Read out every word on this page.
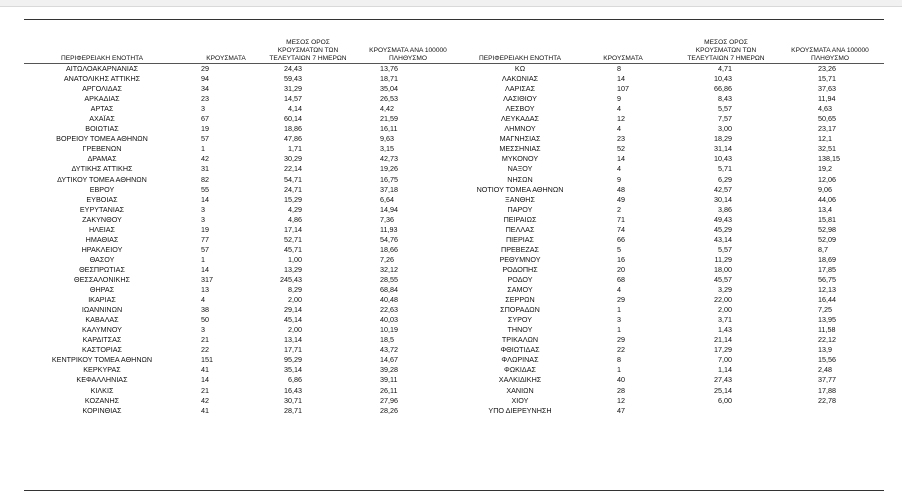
ΠΕΡΙΦΕΡΕΙΑΚΗ ΕΝΟΤΗΤΑ	ΚΡΟΥΣΜΑΤΑ
ΜΕΣΟΣ ΟΡΟΣ
ΚΡΟΥΣΜΑΤΩΝ ΤΩΝ
ΤΕΛΕΥΤΑΙΩΝ 7 ΗΜΕΡΩΝ
ΚΡΟΥΣΜΑΤΑ ΑΝΑ 100000
ΠΛΗΘΥΣΜΟ
ΑΙΤΩΛΟΑΚΑΡΝΑΝΙΑΣ	29	24,43	13,76
ΑΝΑΤΟΛΙΚΗΣ ΑΤΤΙΚΗΣ	94	59,43	18,71
ΑΡΓΟΛΙΔΑΣ	34	31,29	35,04
ΑΡΚΑΔΙΑΣ	23	14,57	26,53
ΑΡΤΑΣ	3	4,14	4,42
ΑΧΑΪΑΣ	67	60,14	21,59
ΒΟΙΩΤΙΑΣ	19	18,86	16,11
ΒΟΡΕΙΟΥ ΤΟΜΕΑ ΑΘΗΝΩΝ	57	47,86	9,63
ΓΡΕΒΕΝΩΝ	1	1,71	3,15
ΔΡΑΜΑΣ	42	30,29	42,73
ΔΥΤΙΚΗΣ ΑΤΤΙΚΗΣ	31	22,14	19,26
ΔΥΤΙΚΟΥ ΤΟΜΕΑ ΑΘΗΝΩΝ	82	54,71	16,75
ΕΒΡΟΥ	55	24,71	37,18
ΕΥΒΟΙΑΣ	14	15,29	6,64
ΕΥΡΥΤΑΝΙΑΣ	3	4,29	14,94
ΖΑΚΥΝΘΟΥ	3	4,86	7,36
ΗΛΕΙΑΣ	19	17,14	11,93
ΗΜΑΘΙΑΣ	77	52,71	54,76
ΗΡΑΚΛΕΙΟΥ	57	45,71	18,66
ΘΑΣΟΥ	1	1,00	7,26
ΘΕΣΠΡΩΤΙΑΣ	14	13,29	32,12
ΘΕΣΣΑΛΟΝΙΚΗΣ	317	245,43	28,55
ΘΗΡΑΣ	13	8,29	68,84
ΙΚΑΡΙΑΣ	4	2,00	40,48
ΙΩΑΝΝΙΝΩΝ	38	29,14	22,63
ΚΑΒΑΛΑΣ	50	45,14	40,03
ΚΑΛΥΜΝΟΥ	3	2,00	10,19
ΚΑΡΔΙΤΣΑΣ	21	13,14	18,5
ΚΑΣΤΟΡΙΑΣ	22	17,71	43,72
ΚΕΝΤΡΙΚΟΥ ΤΟΜΕΑ ΑΘΗΝΩΝ	151	95,29	14,67
ΚΕΡΚΥΡΑΣ	41	35,14	39,28
ΚΕΦΑΛΛΗΝΙΑΣ	14	6,86	39,11
ΚΙΛΚΙΣ	21	16,43	26,11
ΚΟΖΑΝΗΣ	42	30,71	27,96
ΚΟΡΙΝΘΙΑΣ	41	28,71	28,26
ΠΕΡΙΦΕΡΕΙΑΚΗ ΕΝΟΤΗΤΑ	ΚΡΟΥΣΜΑΤΑ
ΜΕΣΟΣ ΟΡΟΣ
ΚΡΟΥΣΜΑΤΩΝ ΤΩΝ
ΤΕΛΕΥΤΑΙΩΝ 7 ΗΜΕΡΩΝ
ΚΡΟΥΣΜΑΤΑ ΑΝΑ 100000
ΠΛΗΘΥΣΜΟ
ΚΩ	8	4,71	23,26
ΛΑΚΩΝΙΑΣ	14	10,43	15,71
ΛΑΡΙΣΑΣ	107	66,86	37,63
ΛΑΣΙΘΙΟΥ	9	8,43	11,94
ΛΕΣΒΟΥ	4	5,57	4,63
ΛΕΥΚΑΔΑΣ	12	7,57	50,65
ΛΗΜΝΟΥ	4	3,00	23,17
ΜΑΓΝΗΣΙΑΣ	23	18,29	12,1
ΜΕΣΣΗΝΙΑΣ	52	31,14	32,51
ΜΥΚΟΝΟΥ	14	10,43	138,15
ΝΑΞΟΥ	4	5,71	19,2
ΝΗΣΩΝ	9	6,29	12,06
ΝΟΤΙΟΥ ΤΟΜΕΑ ΑΘΗΝΩΝ	48	42,57	9,06
ΞΑΝΘΗΣ	49	30,14	44,06
ΠΑΡΟΥ	2	3,86	13,4
ΠΕΙΡΑΙΩΣ	71	49,43	15,81
ΠΕΛΛΑΣ	74	45,29	52,98
ΠΙΕΡΙΑΣ	66	43,14	52,09
ΠΡΕΒΕΖΑΣ	5	5,57	8,7
ΡΕΘΥΜΝΟΥ	16	11,29	18,69
ΡΟΔΟΠΗΣ	20	18,00	17,85
ΡΟΔΟΥ	68	45,57	56,75
ΣΑΜΟΥ	4	3,29	12,13
ΣΕΡΡΩΝ	29	22,00	16,44
ΣΠΟΡΑΔΩΝ	1	2,00	7,25
ΣΥΡΟΥ	3	3,71	13,95
ΤΗΝΟΥ	1	1,43	11,58
ΤΡΙΚΑΛΩΝ	29	21,14	22,12
ΦΘΙΩΤΙΔΑΣ	22	17,29	13,9
ΦΛΩΡΙΝΑΣ	8	7,00	15,56
ΦΩΚΙΔΑΣ	1	1,14	2,48
ΧΑΛΚΙΔΙΚΗΣ	40	27,43	37,77
ΧΑΝΙΩΝ	28	25,14	17,88
ΧΙΟΥ	12	6,00	22,78
ΥΠΟ ΔΙΕΡΕΥΝΗΣΗ	47
